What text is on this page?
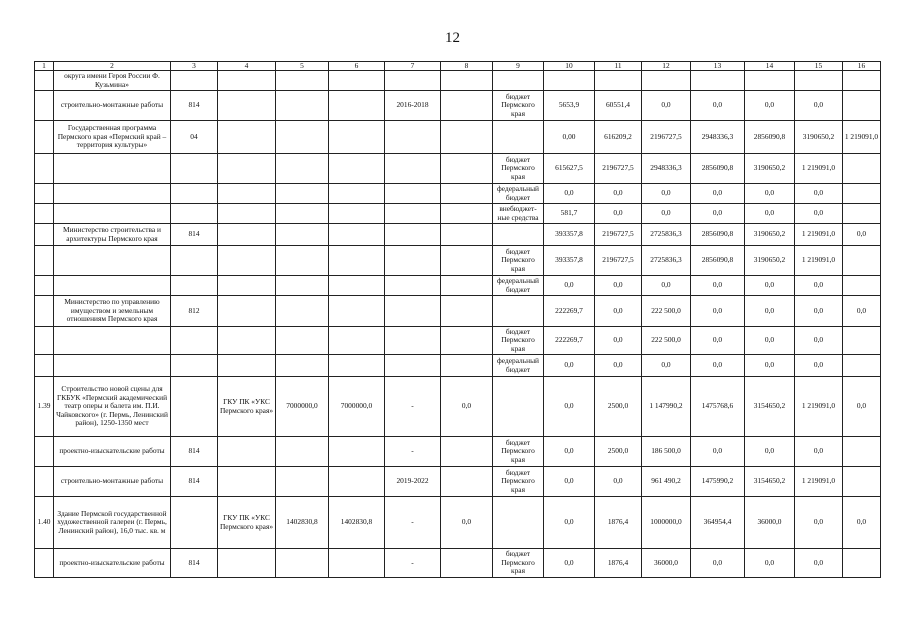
12
1	2	3	4	5	6	7	8	9	10	11	12	13	14	15	16	
	округа имени Героя России Ф. Кузьмина»															
	строительно-монтажные работы	814				2016-2018		бюджет Пермского края	5653,9	60551,4	0,0	0,0	0,0	0,0		
	Государственная программа Пермского края «Пермский край – территория культуры»	04							0,00	616209,2	2196727,5	2948336,3	2856090,8	3190650,2	1 219091,0	
								бюджет Пермского края	615627,5	2196727,5	2948336,3	2856090,8	3190650,2	1 219091,0		
								федеральный бюджет	0,0	0,0	0,0	0,0	0,0	0,0		
								внебюджет-ные средства	581,7	0,0	0,0	0,0	0,0	0,0		
	Министерство строительства и архитектуры Пермского края	814							393357,8	2196727,5	2725836,3	2856090,8	3190650,2	1 219091,0	0,0	
								бюджет Пермского края	393357,8	2196727,5	2725836,3	2856090,8	3190650,2	1 219091,0		
								федеральный бюджет	0,0	0,0	0,0	0,0	0,0	0,0		
	Министерство по управлению имуществом и земельным отношениям Пермского края	812							222269,7	0,0	222 500,0	0,0	0,0	0,0	0,0	
								бюджет Пермского края	222269,7	0,0	222 500,0	0,0	0,0	0,0		
								федеральный бюджет	0,0	0,0	0,0	0,0	0,0	0,0		
1.39	Строительство новой сцены для ГКБУК «Пермский академический театр оперы и балета им. П.И. Чайковского» (г. Пермь, Ленинский район), 1250-1350 мест		ГКУ ПК «УКС Пермского края»	7000000,0	7000000,0	-	0,0		0,0	2500,0	1 147990,2	1475768,6	3154650,2	1 219091,0	0,0	
	проектно-изыскательские работы	814				-		бюджет Пермского края	0,0	2500,0	186 500,0	0,0	0,0	0,0		
	строительно-монтажные работы	814				2019-2022		бюджет Пермского края	0,0	0,0	961 490,2	1475990,2	3154650,2	1 219091,0		
1.40	Здание Пермской государственной художественной галереи (г. Пермь, Ленинский район), 16,0 тыс. кв. м		ГКУ ПК «УКС Пермского края»	1402830,8	1402830,8	-	0,0		0,0	1876,4	1000000,0	364954,4	36000,0	0,0	0,0	
	проектно-изыскательские работы	814				-		бюджет Пермского края	0,0	1876,4	36000,0	0,0	0,0	0,0		
